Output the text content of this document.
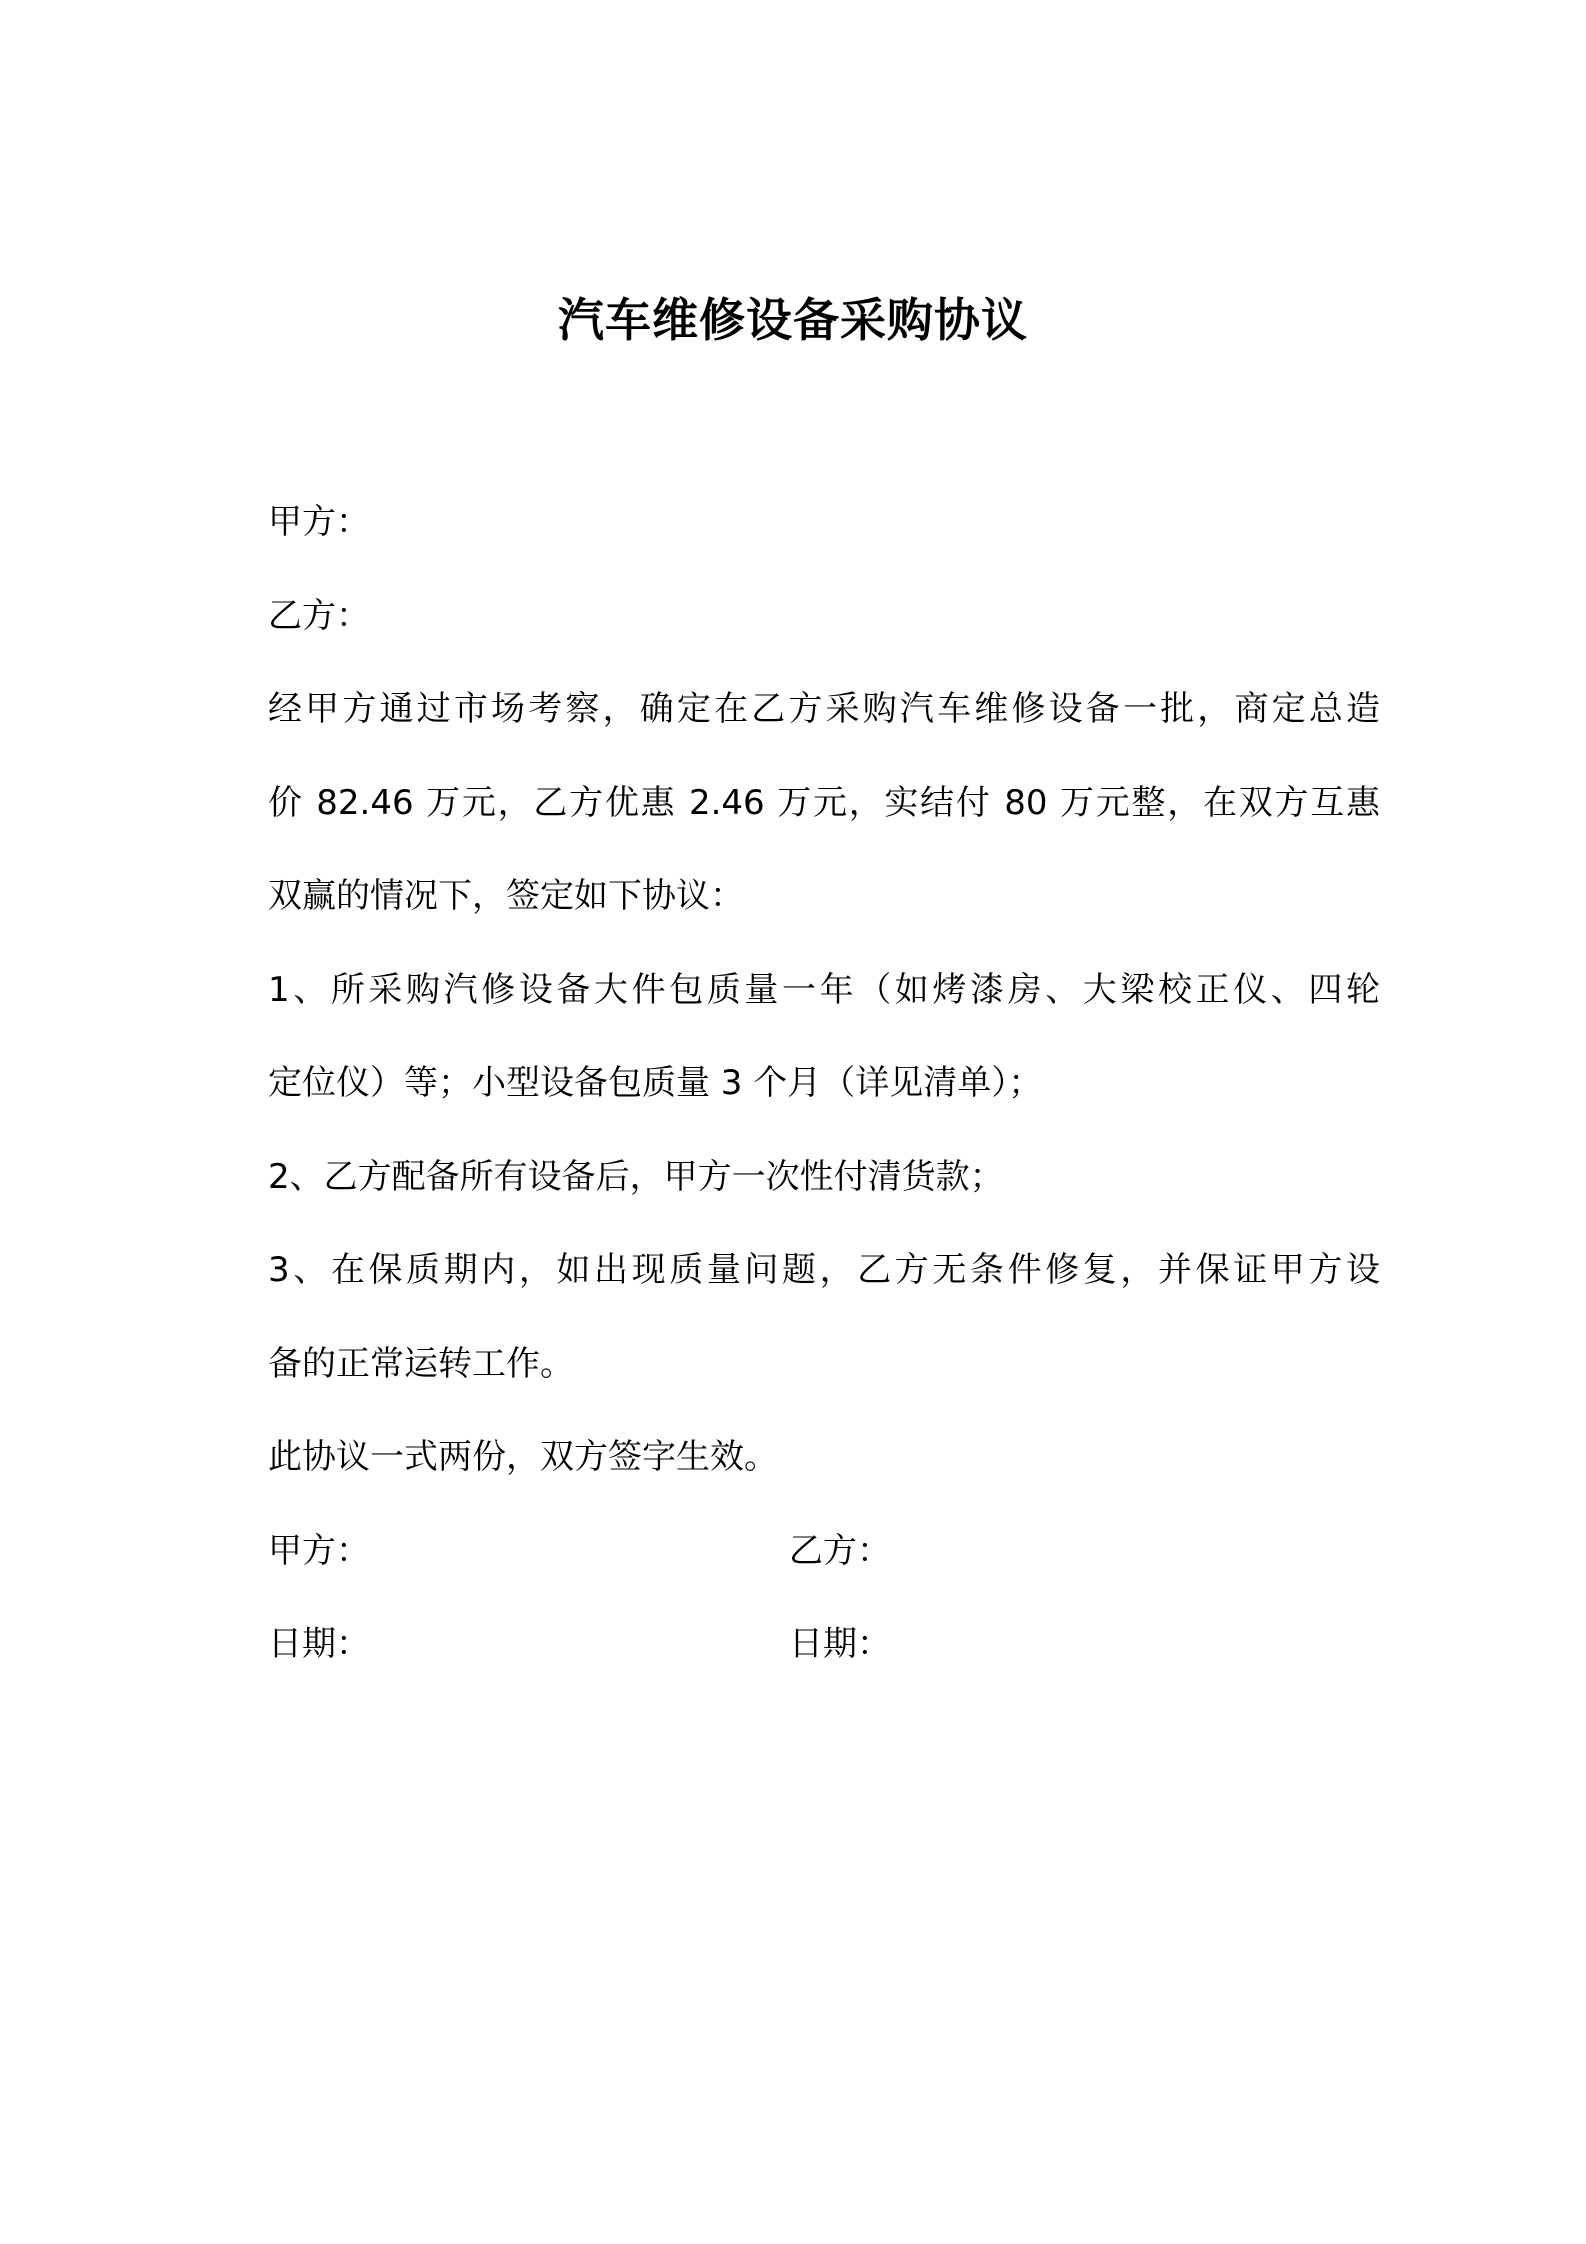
汽车维修设备采购协议
甲方：
乙方：
经甲方通过市场考察，确定在乙方采购汽车维修设备一批，商定总造
价 82.46 万元，乙方优惠 2.46 万元，实结付 80 万元整，在双方互惠
双赢的情况下，签定如下协议：
1、所采购汽修设备大件包质量一年（如烤漆房、大梁校正仪、四轮
定位仪）等；小型设备包质量 3 个月（详见清单）；
2、乙方配备所有设备后，甲方一次性付清货款；
3、在保质期内，如出现质量问题，乙方无条件修复，并保证甲方设
备的正常运转工作。
此协议一式两份，双方签字生效。
甲方：	乙方：
日期：	日期：
